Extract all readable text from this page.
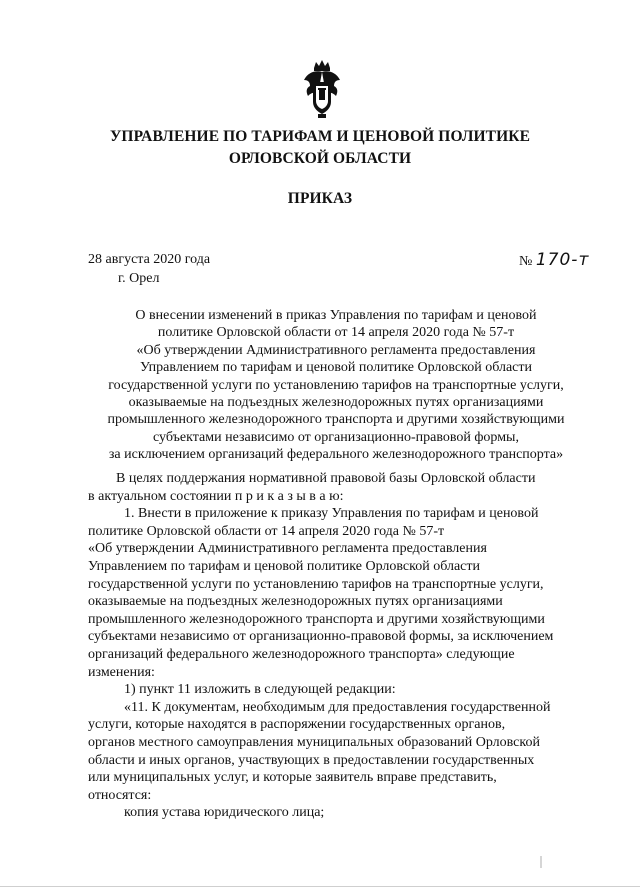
УПРАВЛЕНИЕ ПО ТАРИФАМ И ЦЕНОВОЙ ПОЛИТИКЕ
ОРЛОВСКОЙ ОБЛАСТИ
ПРИКАЗ
28 августа 2020 года
г. Орел
№ 170-т
О внесении изменений в приказ Управления по тарифам и ценовой
политике Орловской области от 14 апреля 2020 года № 57-т
«Об утверждении Административного регламента предоставления
Управлением по тарифам и ценовой политике Орловской области
государственной услуги по установлению тарифов на транспортные услуги,
оказываемые на подъездных железнодорожных путях организациями
промышленного железнодорожного транспорта и другими хозяйствующими
субъектами независимо от организационно-правовой формы,
за исключением организаций федерального железнодорожного транспорта»
В целях поддержания нормативной правовой базы Орловской области
в актуальном состоянии п р и к а з ы в а ю:
1. Внести в приложение к приказу Управления по тарифам и ценовой
политике Орловской области от 14 апреля 2020 года № 57-т
«Об утверждении Административного регламента предоставления
Управлением по тарифам и ценовой политике Орловской области
государственной услуги по установлению тарифов на транспортные услуги,
оказываемые на подъездных железнодорожных путях организациями
промышленного железнодорожного транспорта и другими хозяйствующими
субъектами независимо от организационно-правовой формы, за исключением
организаций федерального железнодорожного транспорта» следующие
изменения:
1) пункт 11 изложить в следующей редакции:
«11. К документам, необходимым для предоставления государственной
услуги, которые находятся в распоряжении государственных органов,
органов местного самоуправления муниципальных образований Орловской
области и иных органов, участвующих в предоставлении государственных
или муниципальных услуг, и которые заявитель вправе представить,
относятся:
копия устава юридического лица;
